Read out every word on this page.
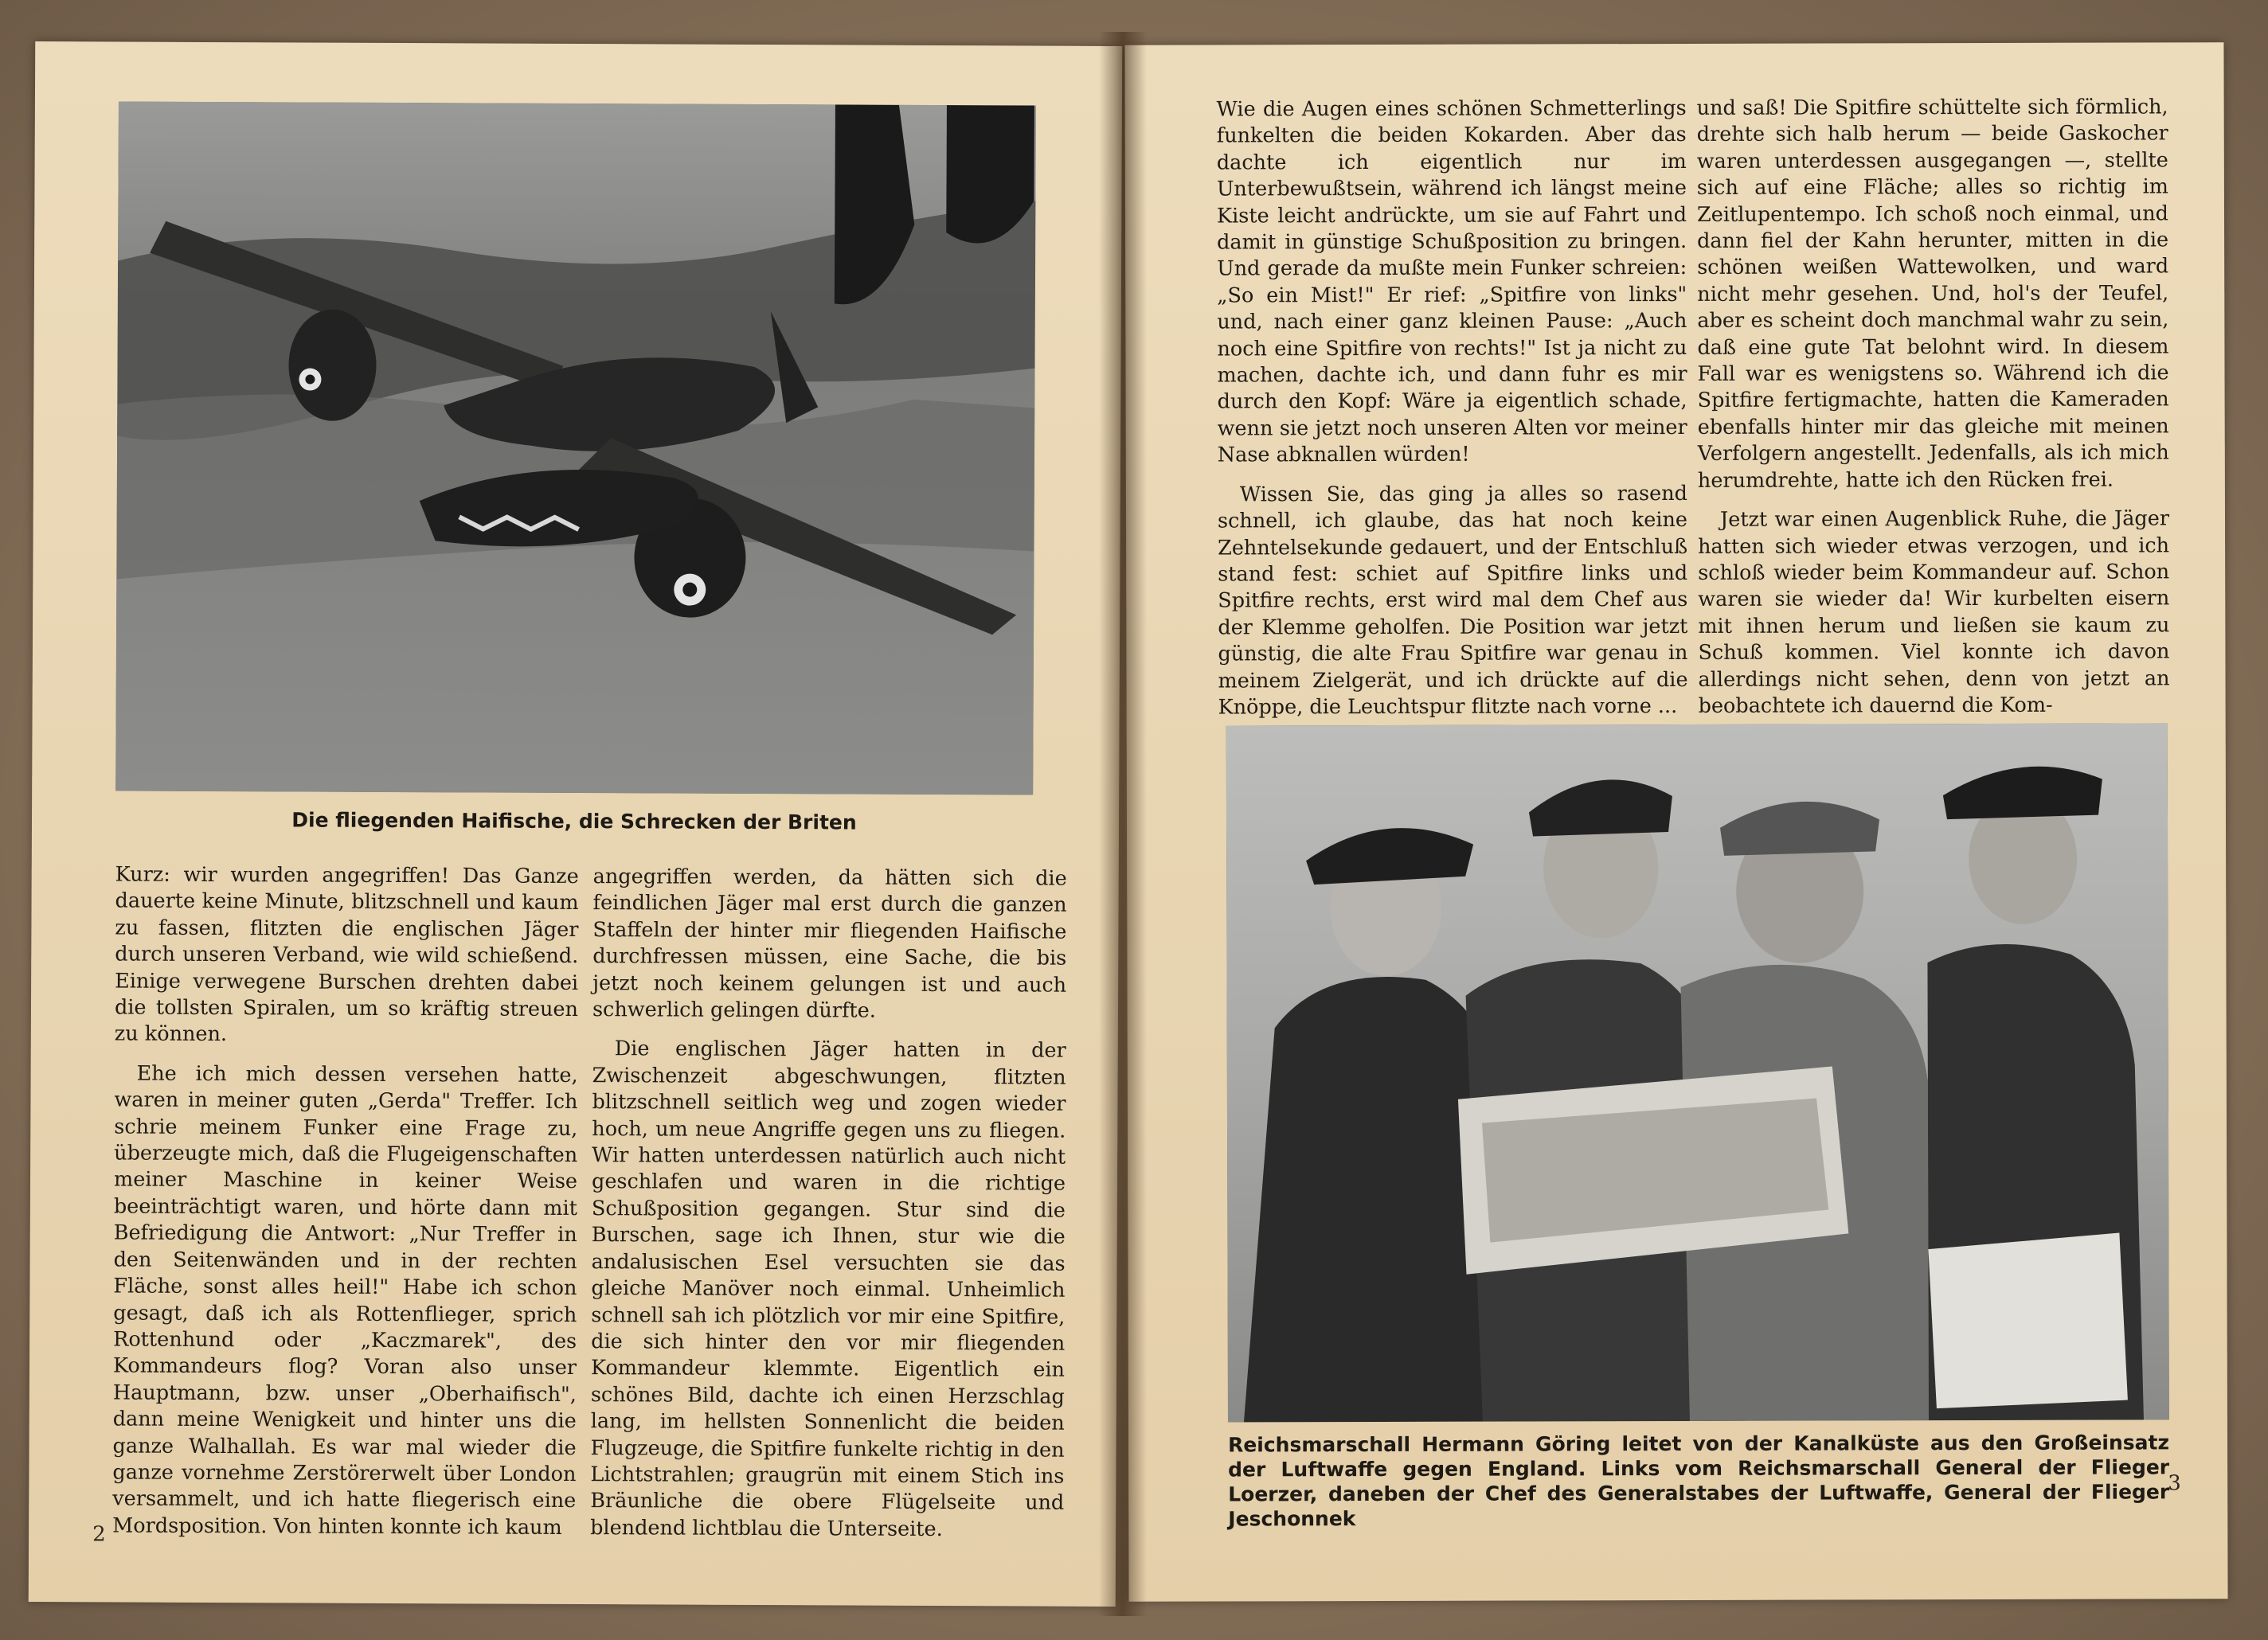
Die fliegenden Haifische, die Schrecken der Briten

Kurz: wir wurden angegriffen! Das Ganze dauerte keine Minute, blitzschnell und kaum zu fassen, flitzten die englischen Jäger durch unseren Verband, wie wild schießend. Einige verwegene Burschen drehten dabei die tollsten Spiralen, um so kräftig streuen zu können.

Ehe ich mich dessen versehen hatte, waren in meiner guten „Gerda" Treffer. Ich schrie meinem Funker eine Frage zu, überzeugte mich, daß die Flugeigenschaften meiner Maschine in keiner Weise beeinträchtigt waren, und hörte dann mit Befriedigung die Antwort: „Nur Treffer in den Seitenwänden und in der rechten Fläche, sonst alles heil!" Habe ich schon gesagt, daß ich als Rottenflieger, sprich Rottenhund oder „Kaczmarek", des Kommandeurs flog? Voran also unser Hauptmann, bzw. unser „Oberhaifisch", dann meine Wenigkeit und hinter uns die ganze Walhallah. Es war mal wieder die ganze vornehme Zerstörerwelt über London versammelt, und ich hatte fliegerisch eine Mordsposition. Von hinten konnte ich kaum

angegriffen werden, da hätten sich die feindlichen Jäger mal erst durch die ganzen Staffeln der hinter mir fliegenden Haifische durchfressen müssen, eine Sache, die bis jetzt noch keinem gelungen ist und auch schwerlich gelingen dürfte.

Die englischen Jäger hatten in der Zwischenzeit abgeschwungen, flitzten blitzschnell seitlich weg und zogen wieder hoch, um neue Angriffe gegen uns zu fliegen. Wir hatten unterdessen natürlich auch nicht geschlafen und waren in die richtige Schußposition gegangen. Stur sind die Burschen, sage ich Ihnen, stur wie die andalusischen Esel versuchten sie das gleiche Manöver noch einmal. Unheimlich schnell sah ich plötzlich vor mir eine Spitfire, die sich hinter den vor mir fliegenden Kommandeur klemmte. Eigentlich ein schönes Bild, dachte ich einen Herzschlag lang, im hellsten Sonnenlicht die beiden Flugzeuge, die Spitfire funkelte richtig in den Lichtstrahlen; graugrün mit einem Stich ins Bräunliche die obere Flügelseite und blendend lichtblau die Unterseite.

2

Wie die Augen eines schönen Schmetterlings funkelten die beiden Kokarden. Aber das dachte ich eigentlich nur im Unterbewußtsein, während ich längst meine Kiste leicht andrückte, um sie auf Fahrt und damit in günstige Schußposition zu bringen. Und gerade da mußte mein Funker schreien: „So ein Mist!" Er rief: „Spitfire von links" und, nach einer ganz kleinen Pause: „Auch noch eine Spitfire von rechts!" Ist ja nicht zu machen, dachte ich, und dann fuhr es mir durch den Kopf: Wäre ja eigentlich schade, wenn sie jetzt noch unseren Alten vor meiner Nase abknallen würden!

Wissen Sie, das ging ja alles so rasend schnell, ich glaube, das hat noch keine Zehntelsekunde gedauert, und der Entschluß stand fest: schiet auf Spitfire links und Spitfire rechts, erst wird mal dem Chef aus der Klemme geholfen. Die Position war jetzt günstig, die alte Frau Spitfire war genau in meinem Zielgerät, und ich drückte auf die Knöppe, die Leuchtspur flitzte nach vorne ...

und saß! Die Spitfire schüttelte sich förmlich, drehte sich halb herum — beide Gaskocher waren unterdessen ausgegangen —, stellte sich auf eine Fläche; alles so richtig im Zeitlupentempo. Ich schoß noch einmal, und dann fiel der Kahn herunter, mitten in die schönen weißen Wattewolken, und ward nicht mehr gesehen. Und, hol's der Teufel, aber es scheint doch manchmal wahr zu sein, daß eine gute Tat belohnt wird. In diesem Fall war es wenigstens so. Während ich die Spitfire fertigmachte, hatten die Kameraden ebenfalls hinter mir das gleiche mit meinen Verfolgern angestellt. Jedenfalls, als ich mich herumdrehte, hatte ich den Rücken frei.

Jetzt war einen Augenblick Ruhe, die Jäger hatten sich wieder etwas verzogen, und ich schloß wieder beim Kommandeur auf. Schon waren sie wieder da! Wir kurbelten eisern mit ihnen herum und ließen sie kaum zu Schuß kommen. Viel konnte ich davon allerdings nicht sehen, denn von jetzt an beobachtete ich dauernd die Kom-

Reichsmarschall Hermann Göring leitet von der Kanalküste aus den Großeinsatz der Luftwaffe gegen England. Links vom Reichsmarschall General der Flieger Loerzer, daneben der Chef des Generalstabes der Luftwaffe, General der Flieger Jeschonnek
3
